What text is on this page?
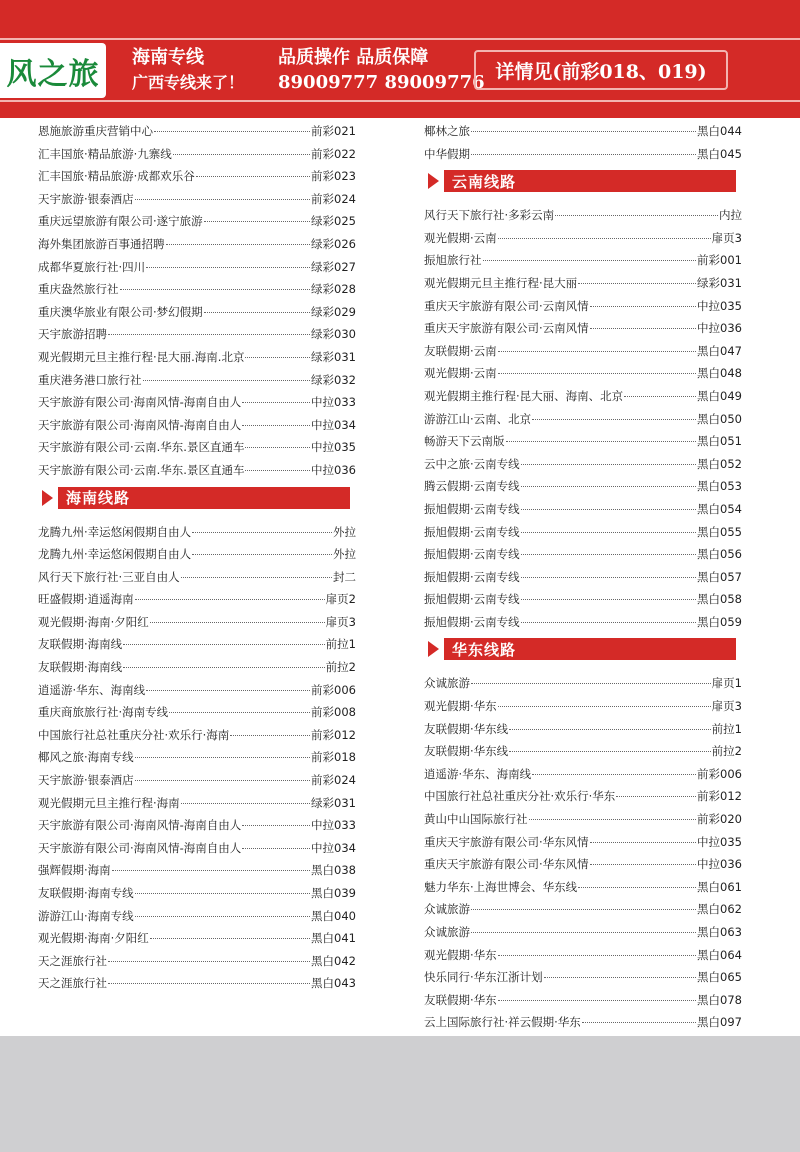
风之旅 海南专线
广西专线来了！
品质操作 品质保障
89009777 89009776 详情见(前彩018、019)
恩施旅游重庆营销中心	前彩021
汇丰国旅·精品旅游·九寨线	前彩022
汇丰国旅·精品旅游·成都欢乐谷	前彩023
天宇旅游·银泰酒店	前彩024
重庆远望旅游有限公司·遂宁旅游	绿彩025
海外集团旅游百事通招聘	绿彩026
成都华夏旅行社·四川	绿彩027
重庆盎然旅行社	绿彩028
重庆澳华旅业有限公司·梦幻假期	绿彩029
天宇旅游招聘	绿彩030
观光假期元旦主推行程·昆大丽.海南.北京	绿彩031
重庆港务港口旅行社	绿彩032
天宇旅游有限公司·海南风情-海南自由人	中拉033
天宇旅游有限公司·海南风情-海南自由人	中拉034
天宇旅游有限公司·云南.华东.景区直通车	中拉035
天宇旅游有限公司·云南.华东.景区直通车	中拉036
海南线路
龙腾九州·幸运悠闲假期自由人	外拉
龙腾九州·幸运悠闲假期自由人	外拉
风行天下旅行社·三亚自由人	封二
旺盛假期·逍遥海南	扉页2
观光假期·海南·夕阳红	扉页3
友联假期·海南线	前拉1
友联假期·海南线	前拉2
逍遥游·华东、海南线	前彩006
重庆商旅旅行社·海南专线	前彩008
中国旅行社总社重庆分社·欢乐行·海南	前彩012
椰风之旅·海南专线	前彩018
天宇旅游·银泰酒店	前彩024
观光假期元旦主推行程·海南	绿彩031
天宇旅游有限公司·海南风情-海南自由人	中拉033
天宇旅游有限公司·海南风情-海南自由人	中拉034
强辉假期·海南	黑白038
友联假期·海南专线	黑白039
游游江山·海南专线	黑白040
观光假期·海南·夕阳红	黑白041
天之涯旅行社	黑白042
天之涯旅行社	黑白043
椰林之旅	黑白044
中华假期	黑白045
云南线路
风行天下旅行社·多彩云南	内拉
观光假期·云南	扉页3
振旭旅行社	前彩001
观光假期元旦主推行程·昆大丽	绿彩031
重庆天宇旅游有限公司·云南风情	中拉035
重庆天宇旅游有限公司·云南风情	中拉036
友联假期·云南	黑白047
观光假期·云南	黑白048
观光假期主推行程·昆大丽、海南、北京	黑白049
游游江山·云南、北京	黑白050
畅游天下云南版	黑白051
云中之旅·云南专线	黑白052
腾云假期·云南专线	黑白053
振旭假期·云南专线	黑白054
振旭假期·云南专线	黑白055
振旭假期·云南专线	黑白056
振旭假期·云南专线	黑白057
振旭假期·云南专线	黑白058
振旭假期·云南专线	黑白059
华东线路
众诚旅游	扉页1
观光假期·华东	扉页3
友联假期·华东线	前拉1
友联假期·华东线	前拉2
逍遥游·华东、海南线	前彩006
中国旅行社总社重庆分社·欢乐行·华东	前彩012
黄山中山国际旅行社	前彩020
重庆天宇旅游有限公司·华东风情	中拉035
重庆天宇旅游有限公司·华东风情	中拉036
魅力华东·上海世博会、华东线	黑白061
众诚旅游	黑白062
众诚旅游	黑白063
观光假期·华东	黑白064
快乐同行·华东江浙计划	黑白065
友联假期·华东	黑白078
云上国际旅行社·祥云假期·华东	黑白097
